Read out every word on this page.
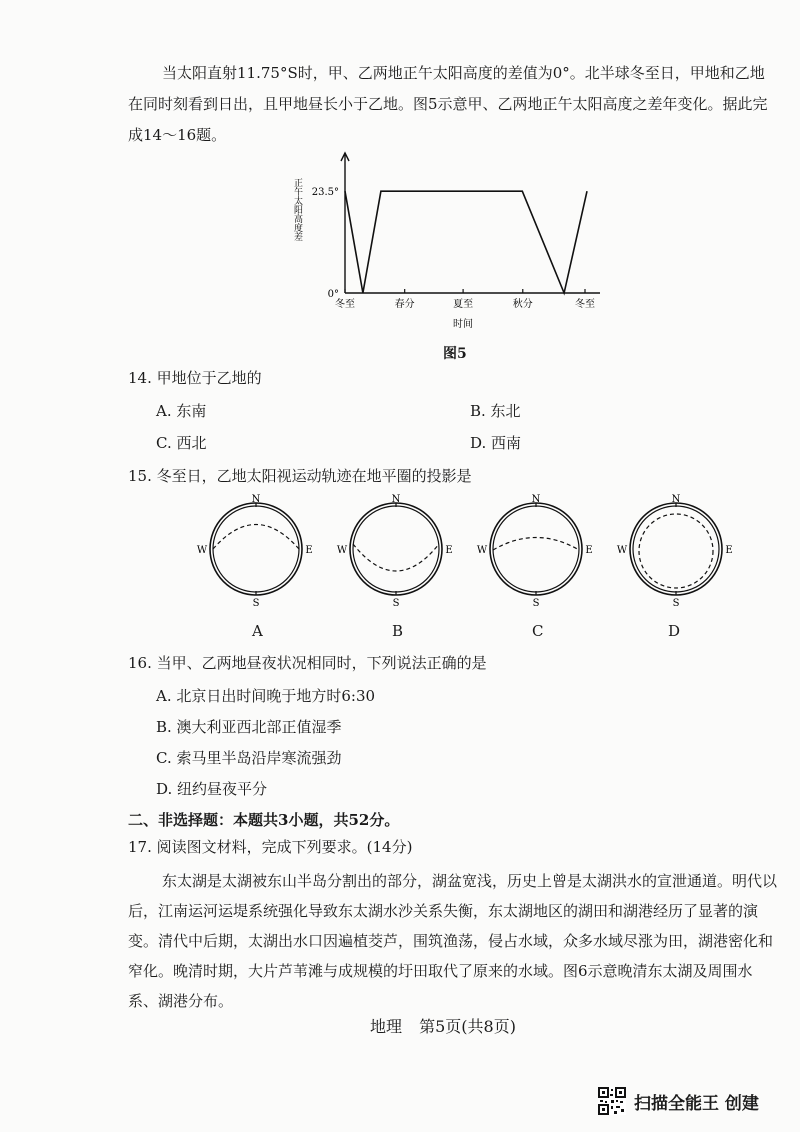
当太阳直射11.75°S时，甲、乙两地正午太阳高度的差值为0°。北半球冬至日，甲地和乙地在同时刻看到日出，且甲地昼长小于乙地。图5示意甲、乙两地正午太阳高度之差年变化。据此完成14～16题。

0°
23.5°
冬至	春分	夏至	秋分	冬至
正午太阳高度差
时间
图5
14. 甲地位于乙地的
A. 东南	B. 东北
C. 西北	D. 西南
15. 冬至日，乙地太阳视运动轨迹在地平圈的投影是
N
S
W	E
A
N
S
W	E
B
N
S
W	E
C
N
S
W	E
D
16. 当甲、乙两地昼夜状况相同时，下列说法正确的是
A. 北京日出时间晚于地方时6:30
B. 澳大利亚西北部正值湿季
C. 索马里半岛沿岸寒流强劲
D. 纽约昼夜平分
二、非选择题：本题共3小题，共52分。
17. 阅读图文材料，完成下列要求。(14分)

东太湖是太湖被东山半岛分割出的部分，湖盆宽浅，历史上曾是太湖洪水的宣泄通道。明代以后，江南运河运堤系统强化导致东太湖水沙关系失衡，东太湖地区的湖田和湖港经历了显著的演变。清代中后期，太湖出水口因遍植茭芦，围筑渔荡，侵占水域，众多水域尽涨为田，湖港密化和窄化。晚清时期，大片芦苇滩与成规模的圩田取代了原来的水域。图6示意晚清东太湖及周围水系、湖港分布。

地理 第5页(共8页)
扫描全能王 创建
